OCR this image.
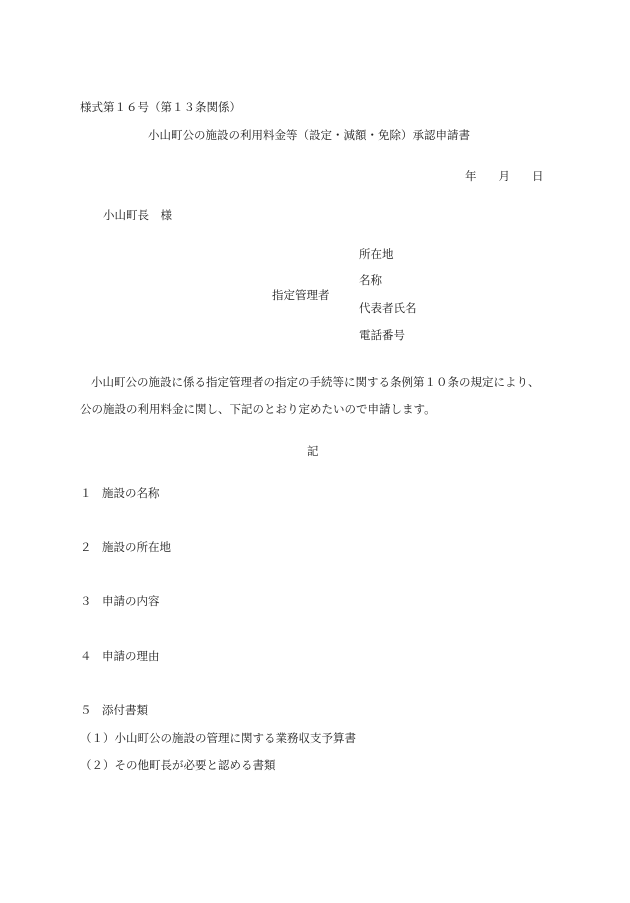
様式第１６号（第１３条関係）
小山町公の施設の利用料金等（設定・減額・免除）承認申請書
年 月 日
小山町長　様
指定管理者
所在地
名称
代表者氏名
電話番号
小山町公の施設に係る指定管理者の指定の手続等に関する条例第１０条の規定により、
公の施設の利用料金に関し、下記のとおり定めたいので申請します。
記
１ 施設の名称
２ 施設の所在地
３ 申請の内容
４ 申請の理由
５ 添付書類
（１）小山町公の施設の管理に関する業務収支予算書
（２）その他町長が必要と認める書類
